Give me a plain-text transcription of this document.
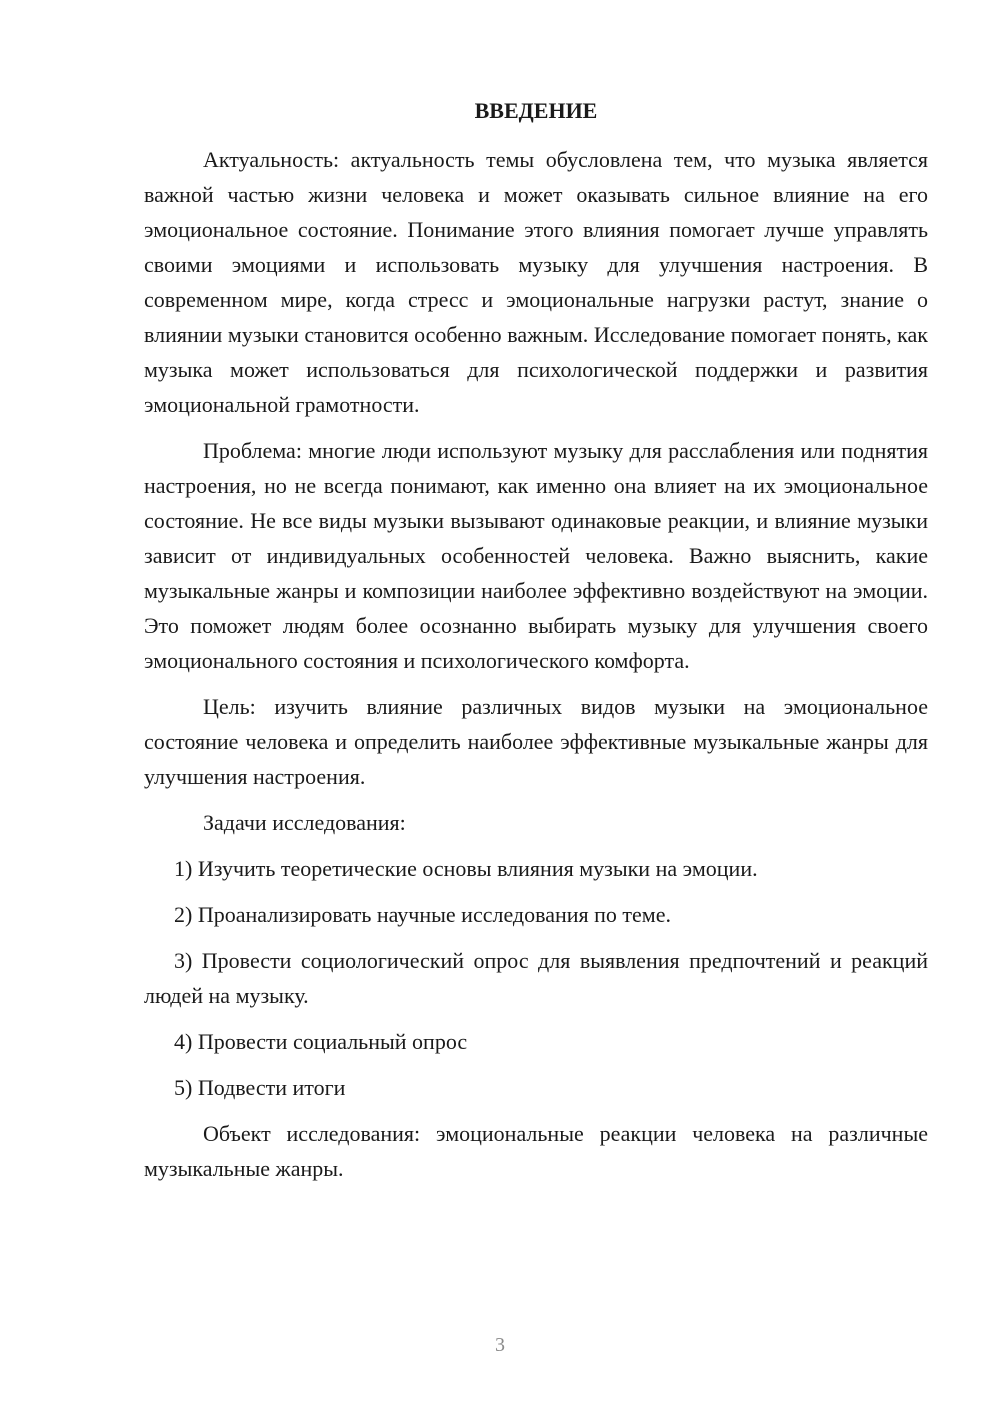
ВВЕДЕНИЕ

Актуальность: актуальность темы обусловлена тем, что музыка является важной частью жизни человека и может оказывать сильное влияние на его эмоциональное состояние. Понимание этого влияния помогает лучше управлять своими эмоциями и использовать музыку для улучшения настроения. В современном мире, когда стресс и эмоциональные нагрузки растут, знание о влиянии музыки становится особенно важным. Исследование помогает понять, как музыка может использоваться для психологической поддержки и развития эмоциональной грамотности.

Проблема: многие люди используют музыку для расслабления или поднятия настроения, но не всегда понимают, как именно она влияет на их эмоциональное состояние. Не все виды музыки вызывают одинаковые реакции, и влияние музыки зависит от индивидуальных особенностей человека. Важно выяснить, какие музыкальные жанры и композиции наиболее эффективно воздействуют на эмоции. Это поможет людям более осознанно выбирать музыку для улучшения своего эмоционального состояния и психологического комфорта.

Цель: изучить влияние различных видов музыки на эмоциональное состояние человека и определить наиболее эффективные музыкальные жанры для улучшения настроения.

Задачи исследования:

1) Изучить теоретические основы влияния музыки на эмоции.

2) Проанализировать научные исследования по теме.

3) Провести социологический опрос для выявления предпочтений и реакций людей на музыку.

4) Провести социальный опрос

5) Подвести итоги

Объект исследования: эмоциональные реакции человека на различные музыкальные жанры.

3
